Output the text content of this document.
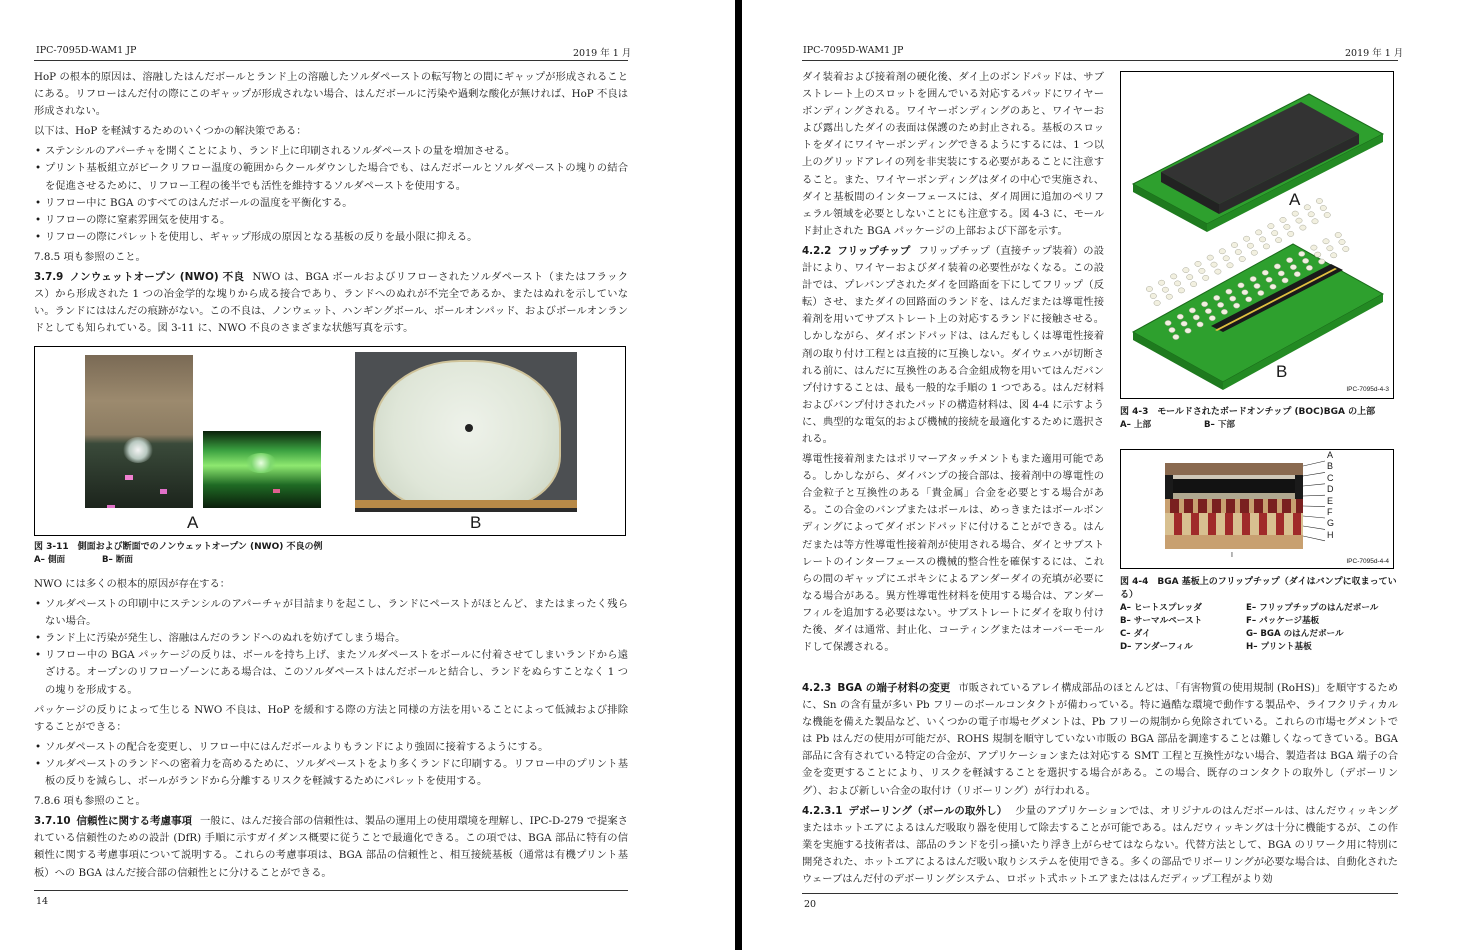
IPC-7095D-WAM1 JP	2019 年 1 月

HoP の根本的原因は、溶融したはんだボールとランド上の溶融したソルダペーストの転写物との間にギャップが形成されることにある。リフローはんだ付の際にこのギャップが形成されない場合、はんだボールに汚染や過剰な酸化が無ければ、HoP 不良は形成されない。

以下は、HoP を軽減するためのいくつかの解決策である：

• ステンシルのアパーチャを開くことにより、ランド上に印刷されるソルダペーストの量を増加させる。
• プリント基板組立がピークリフロー温度の範囲からクールダウンした場合でも、はんだボールとソルダペーストの塊りの結合を促進させるために、リフロー工程の後半でも活性を維持するソルダペーストを使用する。
• リフロー中に BGA のすべてのはんだボールの温度を平衡化する。
• リフローの際に窒素雰囲気を使用する。
• リフローの際にパレットを使用し、ギャップ形成の原因となる基板の反りを最小限に抑える。

7.8.5 項も参照のこと。

3.7.9 ノンウェットオープン (NWO) 不良 NWO は、BGA ボールおよびリフローされたソルダペースト（またはフラックス）から形成された 1 つの冶金学的な塊りから成る接合であり、ランドへのぬれが不完全であるか、またはぬれを示していない。ランドにははんだの痕跡がない。この不良は、ノンウェット、ハンギングボール、ボールオンパッド、およびボールオンランドとしても知られている。図 3-11 に、NWO 不良のさまざまな状態写真を示す。

A	B
図 3-11　側面および断面でのノンウェットオープン (NWO) 不良の例
A– 側面	B– 断面

NWO には多くの根本的原因が存在する：

• ソルダペーストの印刷中にステンシルのアパーチャが目詰まりを起こし、ランドにペーストがほとんど、またはまったく残らない場合。
• ランド上に汚染が発生し、溶融はんだのランドへのぬれを妨げてしまう場合。
• リフロー中の BGA パッケージの反りは、ボールを持ち上げ、またソルダペーストをボールに付着させてしまいランドから遠ざける。オープンのリフローゾーンにある場合は、このソルダペーストはんだボールと結合し、ランドをぬらすことなく 1 つの塊りを形成する。

パッケージの反りによって生じる NWO 不良は、HoP を緩和する際の方法と同様の方法を用いることによって低減および排除することができる：

• ソルダペーストの配合を変更し、リフロー中にはんだボールよりもランドにより強固に接着するようにする。
• ソルダペーストのランドへの密着力を高めるために、ソルダペーストをより多くランドに印刷する。リフロー中のプリント基板の反りを減らし、ボールがランドから分離するリスクを軽減するためにパレットを使用する。

7.8.6 項も参照のこと。

3.7.10 信頼性に関する考慮事項 一般に、はんだ接合部の信頼性は、製品の運用上の使用環境を理解し、IPC-D-279 で提案されている信頼性のための設計 (DfR) 手順に示すガイダンス概要に従うことで最適化できる。この項では、BGA 部品に特有の信頼性に関する考慮事項について説明する。これらの考慮事項は、BGA 部品の信頼性と、相互接続基板（通常は有機プリント基板）への BGA はんだ接合部の信頼性とに分けることができる。

14
IPC-7095D-WAM1 JP	2019 年 1 月

ダイ装着および接着剤の硬化後、ダイ上のボンドパッドは、サブストレート上のスロットを囲んでいる対応するパッドにワイヤーボンディングされる。ワイヤーボンディングのあと、ワイヤーおよび露出したダイの表面は保護のため封止される。基板のスロットをダイにワイヤーボンディングできるようにするには、1 つ以上のグリッドアレイの列を非実装にする必要があることに注意すること。また、ワイヤーボンディングはダイの中心で実施され、ダイと基板間のインターフェースには、ダイ周囲に追加のペリフェラル領域を必要としないことにも注意する。図 4-3 に、モールド封止された BGA パッケージの上部および下部を示す。

4.2.2 フリップチップ フリップチップ（直接チップ装着）の設計により、ワイヤーおよびダイ装着の必要性がなくなる。この設計では、プレバンプされたダイを回路面を下にしてフリップ（反転）させ、またダイの回路面のランドを、はんだまたは導電性接着剤を用いてサブストレート上の対応するランドに接触させる。しかしながら、ダイボンドパッドは、はんだもしくは導電性接着剤の取り付け工程とは直接的に互換しない。ダイウェハが切断される前に、はんだに互換性のある合金組成物を用いてはんだバンプ付けすることは、最も一般的な手順の 1 つである。はんだ材料およびバンプ付けされたパッドの構造材料は、図 4-4 に示すように、典型的な電気的および機械的接続を最適化するために選択される。

導電性接着剤またはポリマーアタッチメントもまた適用可能である。しかしながら、ダイバンプの接合部は、接着剤中の導電性の合金粒子と互換性のある「貴金属」合金を必要とする場合がある。この合金のバンプまたはボールは、めっきまたはボールボンディングによってダイボンドパッドに付けることができる。はんだまたは等方性導電性接着剤が使用される場合、ダイとサブストレートのインターフェースの機械的整合性を確保するには、これらの間のギャップにエポキシによるアンダーダイの充填が必要になる場合がある。異方性導電性材料を使用する場合は、アンダーフィルを追加する必要はない。サブストレートにダイを取り付けた後、ダイは通常、封止化、コーティングまたはオーバーモールドして保護される。

A
B
IPC-7095d-4-3
図 4-3　モールドされたボードオンチップ (BOC)BGA の上部
A– 上部	B– 下部
A
B
C
D
E
F
G
H
I
IPC-7095d-4-4
図 4-4　BGA 基板上のフリップチップ（ダイはバンプに収まっている）
A– ヒートスプレッダ
B– サーマルペースト
C– ダイ
D– アンダーフィル
E– フリップチップのはんだボール
F– パッケージ基板
G– BGA のはんだボール
H– プリント基板

4.2.3 BGA の端子材料の変更 市販されているアレイ構成部品のほとんどは、「有害物質の使用規制 (RoHS)」を順守するために、Sn の含有量が多い Pb フリーのボールコンタクトが備わっている。特に過酷な環境で動作する製品や、ライフクリティカルな機能を備えた製品など、いくつかの電子市場セグメントは、Pb フリーの規制から免除されている。これらの市場セグメントでは Pb はんだの使用が可能だが、ROHS 規制を順守していない市販の BGA 部品を調達することは難しくなってきている。BGA 部品に含有されている特定の合金が、アプリケーションまたは対応する SMT 工程と互換性がない場合、製造者は BGA 端子の合金を変更することにより、リスクを軽減することを選択する場合がある。この場合、既存のコンタクトの取外し（デボーリング）、および新しい合金の取付け（リボーリング）が行われる。

4.2.3.1 デボーリング（ボールの取外し） 少量のアプリケーションでは、オリジナルのはんだボールは、はんだウィッキングまたはホットエアによるはんだ吸取り器を使用して除去することが可能である。はんだウィッキングは十分に機能するが、この作業を実施する技術者は、部品のランドを引っ掻いたり浮き上がらせてはならない。代替方法として、BGA のリワーク用に特別に開発された、ホットエアによるはんだ吸い取りシステムを使用できる。多くの部品でリボーリングが必要な場合は、自動化されたウェーブはんだ付のデボーリングシステム、ロボット式ホットエアまたははんだディップ工程がより効

20
